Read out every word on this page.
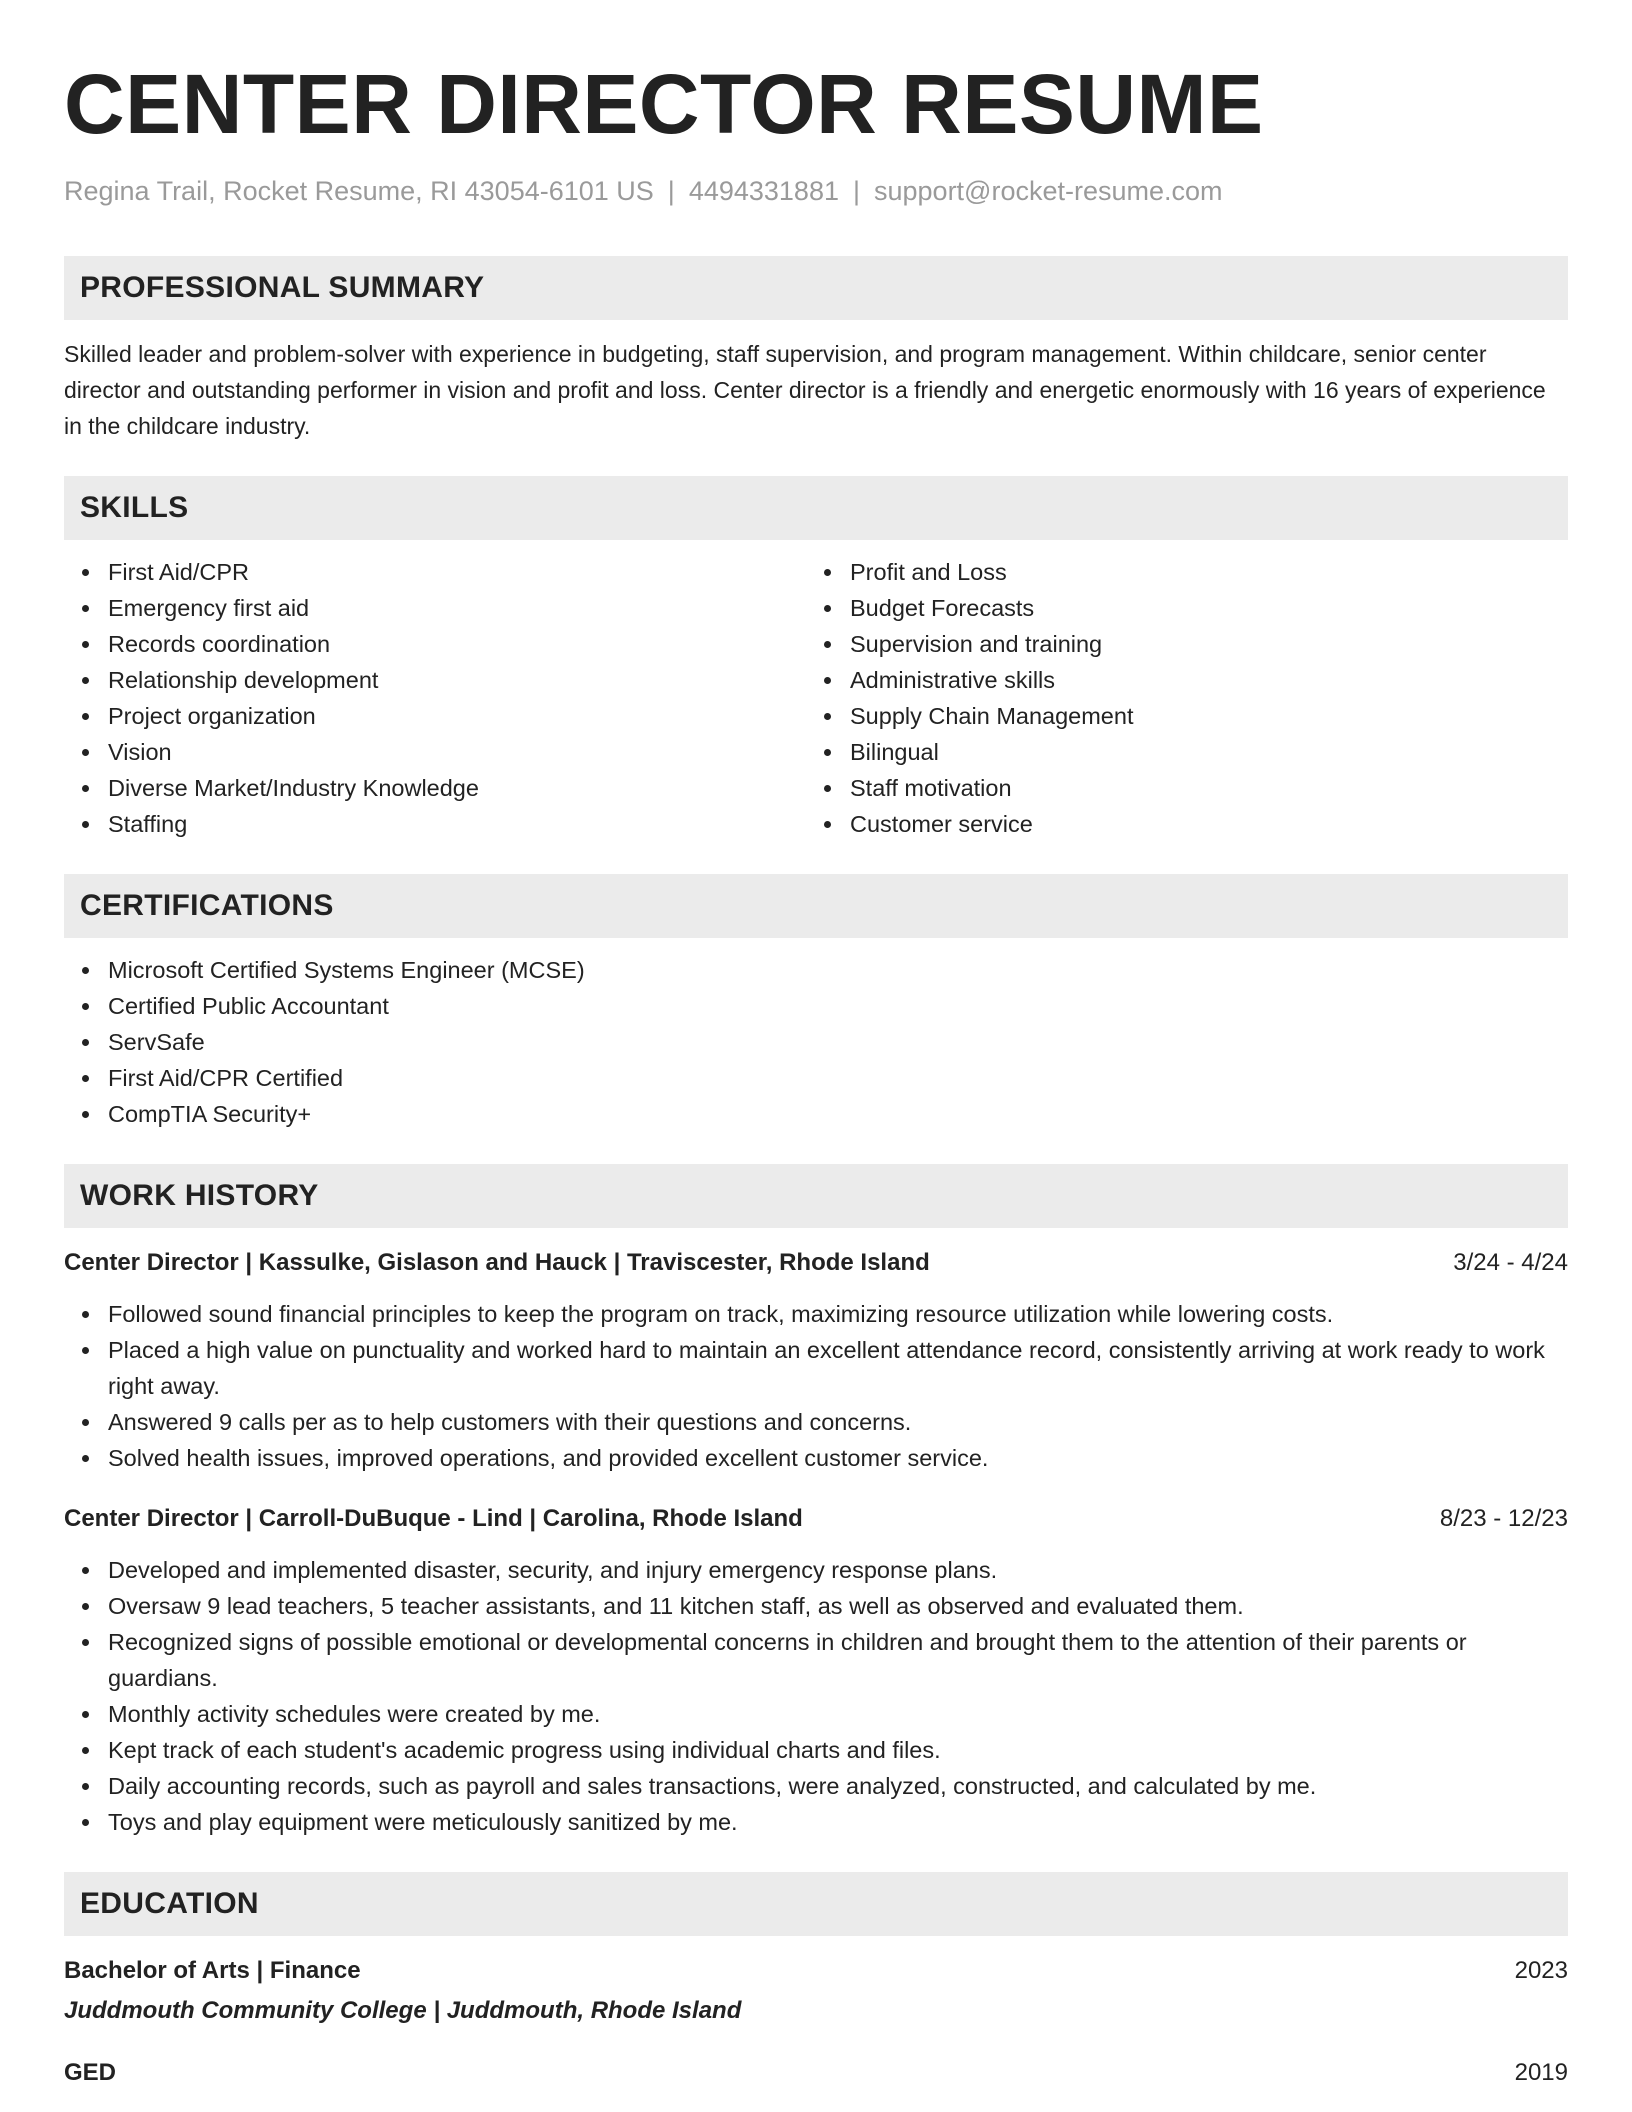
CENTER DIRECTOR RESUME
Regina Trail, Rocket Resume, RI 43054-6101 US | 4494331881 | support@rocket-resume.com
PROFESSIONAL SUMMARY
Skilled leader and problem-solver with experience in budgeting, staff supervision, and program management. Within childcare, senior center director and outstanding performer in vision and profit and loss. Center director is a friendly and energetic enormously with 16 years of experience in the childcare industry.
SKILLS
First Aid/CPR
Emergency first aid
Records coordination
Relationship development
Project organization
Vision
Diverse Market/Industry Knowledge
Staffing
Profit and Loss
Budget Forecasts
Supervision and training
Administrative skills
Supply Chain Management
Bilingual
Staff motivation
Customer service
CERTIFICATIONS
Microsoft Certified Systems Engineer (MCSE)
Certified Public Accountant
ServSafe
First Aid/CPR Certified
CompTIA Security+
WORK HISTORY
Center Director | Kassulke, Gislason and Hauck | Traviscester, Rhode Island	3/24 - 4/24
Followed sound financial principles to keep the program on track, maximizing resource utilization while lowering costs.
Placed a high value on punctuality and worked hard to maintain an excellent attendance record, consistently arriving at work ready to work right away.
Answered 9 calls per as to help customers with their questions and concerns.
Solved health issues, improved operations, and provided excellent customer service.
Center Director | Carroll-DuBuque - Lind | Carolina, Rhode Island	8/23 - 12/23
Developed and implemented disaster, security, and injury emergency response plans.
Oversaw 9 lead teachers, 5 teacher assistants, and 11 kitchen staff, as well as observed and evaluated them.
Recognized signs of possible emotional or developmental concerns in children and brought them to the attention of their parents or guardians.
Monthly activity schedules were created by me.
Kept track of each student's academic progress using individual charts and files.
Daily accounting records, such as payroll and sales transactions, were analyzed, constructed, and calculated by me.
Toys and play equipment were meticulously sanitized by me.
EDUCATION
Bachelor of Arts | Finance	2023
Juddmouth Community College | Juddmouth, Rhode Island
GED	2019
